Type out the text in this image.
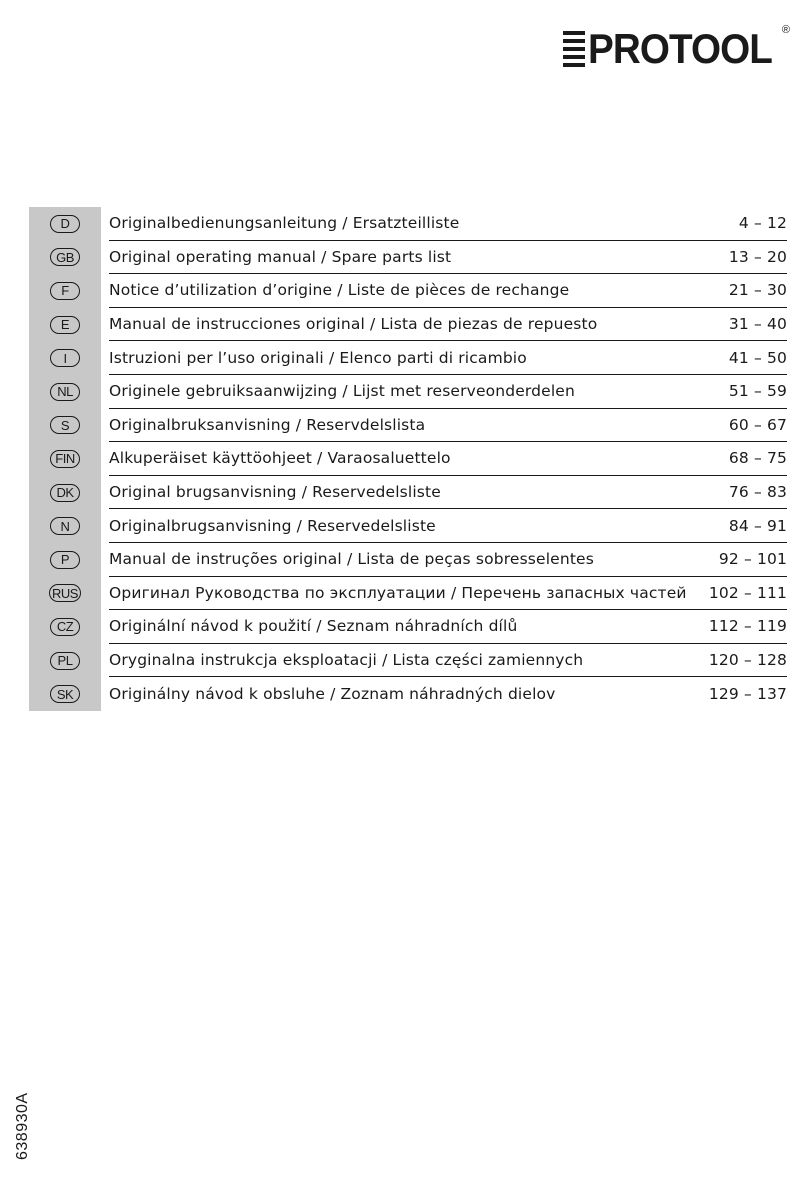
PROTOOL ®
D	Originalbedienungsanleitung / Ersatzteilliste	4 – 12
GB	Original operating manual / Spare parts list	13 – 20
F	Notice d’utilization d’origine / Liste de pièces de rechange	21 – 30
E	Manual de instrucciones original / Lista de piezas de repuesto	31 – 40
I	Istruzioni per l’uso originali / Elenco parti di ricambio	41 – 50
NL	Originele gebruiksaanwijzing / Lijst met reserveonderdelen	51 – 59
S	Originalbruksanvisning / Reservdelslista	60 – 67
FIN	Alkuperäiset käyttöohjeet / Varaosaluettelo	68 – 75
DK	Original brugsanvisning / Reservedelsliste	76 – 83
N	Originalbrugsanvisning / Reservedelsliste	84 – 91
P	Manual de instruções original / Lista de peças sobresselentes	92 – 101
RUS Оригинал Руководства по эксплуатации / Перечень запасных частей 102 – 111
CZ	Originální návod k použití / Seznam náhradních dílů	112 – 119
PL	Oryginalna instrukcja eksploatacji / Lista części zamiennych	120 – 128
SK	Originálny návod k obsluhe / Zoznam náhradných dielov	129 – 137
638930A
